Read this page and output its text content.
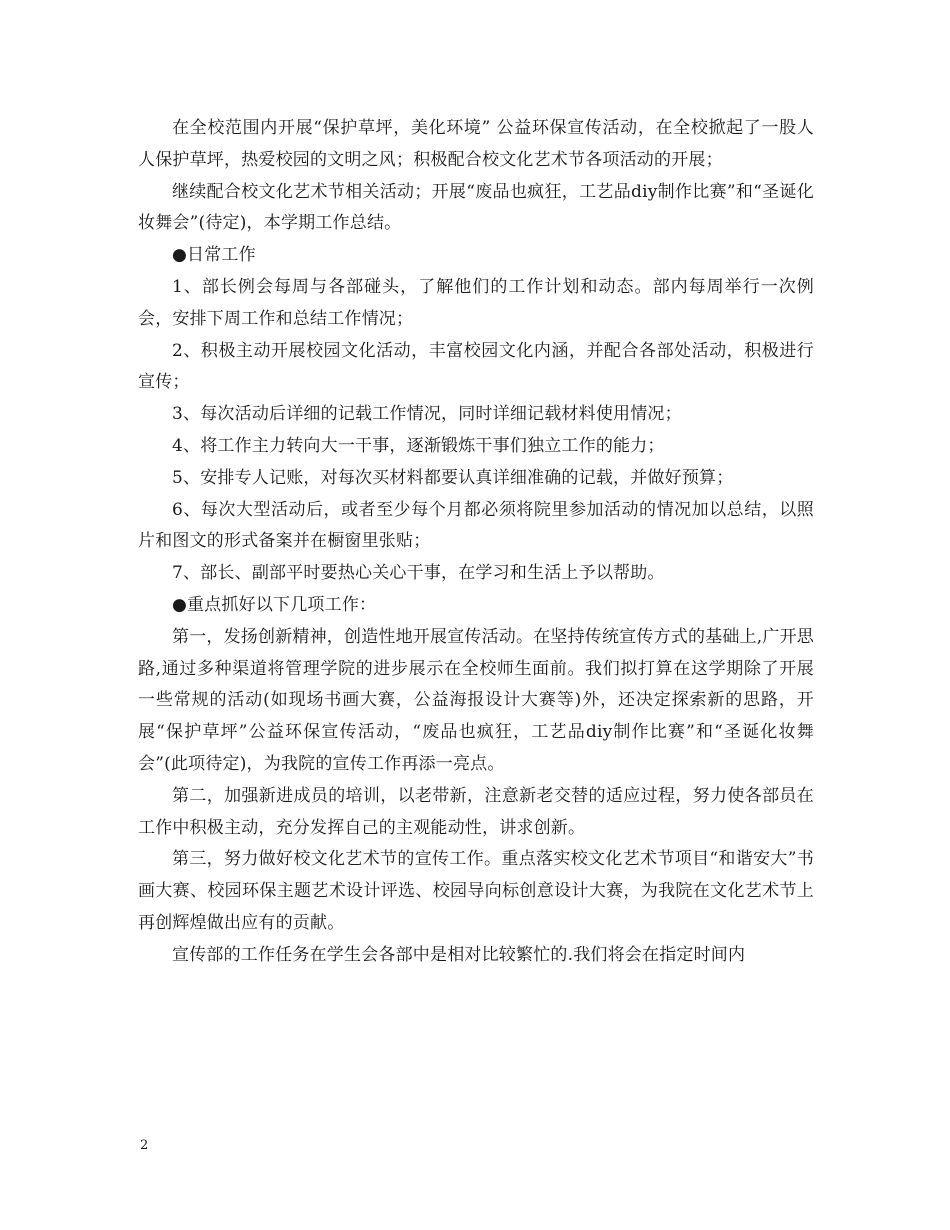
在全校范围内开展“保护草坪，美化环境” 公益环保宣传活动，在全校掀起了一股人人保护草坪，热爱校园的文明之风；积极配合校文化艺术节各项活动的开展；

继续配合校文化艺术节相关活动；开展“废品也疯狂，工艺品diy制作比赛”和“圣诞化妆舞会”(待定)，本学期工作总结。

●日常工作

1、部长例会每周与各部碰头，了解他们的工作计划和动态。部内每周举行一次例会，安排下周工作和总结工作情况；

2、积极主动开展校园文化活动，丰富校园文化内涵，并配合各部处活动，积极进行宣传；

3、每次活动后详细的记载工作情况，同时详细记载材料使用情况；

4、将工作主力转向大一干事，逐渐锻炼干事们独立工作的能力；

5、安排专人记账，对每次买材料都要认真详细准确的记载，并做好预算；

6、每次大型活动后，或者至少每个月都必须将院里参加活动的情况加以总结，以照片和图文的形式备案并在橱窗里张贴；

7、部长、副部平时要热心关心干事，在学习和生活上予以帮助。

●重点抓好以下几项工作：

第一，发扬创新精神，创造性地开展宣传活动。在坚持传统宣传方式的基础上,广开思路,通过多种渠道将管理学院的进步展示在全校师生面前。我们拟打算在这学期除了开展一些常规的活动(如现场书画大赛，公益海报设计大赛等)外，还决定探索新的思路，开展“保护草坪”公益环保宣传活动，“废品也疯狂，工艺品diy制作比赛”和“圣诞化妆舞会”(此项待定)，为我院的宣传工作再添一亮点。

第二，加强新进成员的培训，以老带新，注意新老交替的适应过程，努力使各部员在工作中积极主动，充分发挥自己的主观能动性，讲求创新。

第三，努力做好校文化艺术节的宣传工作。重点落实校文化艺术节项目“和谐安大”书画大赛、校园环保主题艺术设计评选、校园导向标创意设计大赛，为我院在文化艺术节上再创辉煌做出应有的贡献。

宣传部的工作任务在学生会各部中是相对比较繁忙的.我们将会在指定时间内

2
